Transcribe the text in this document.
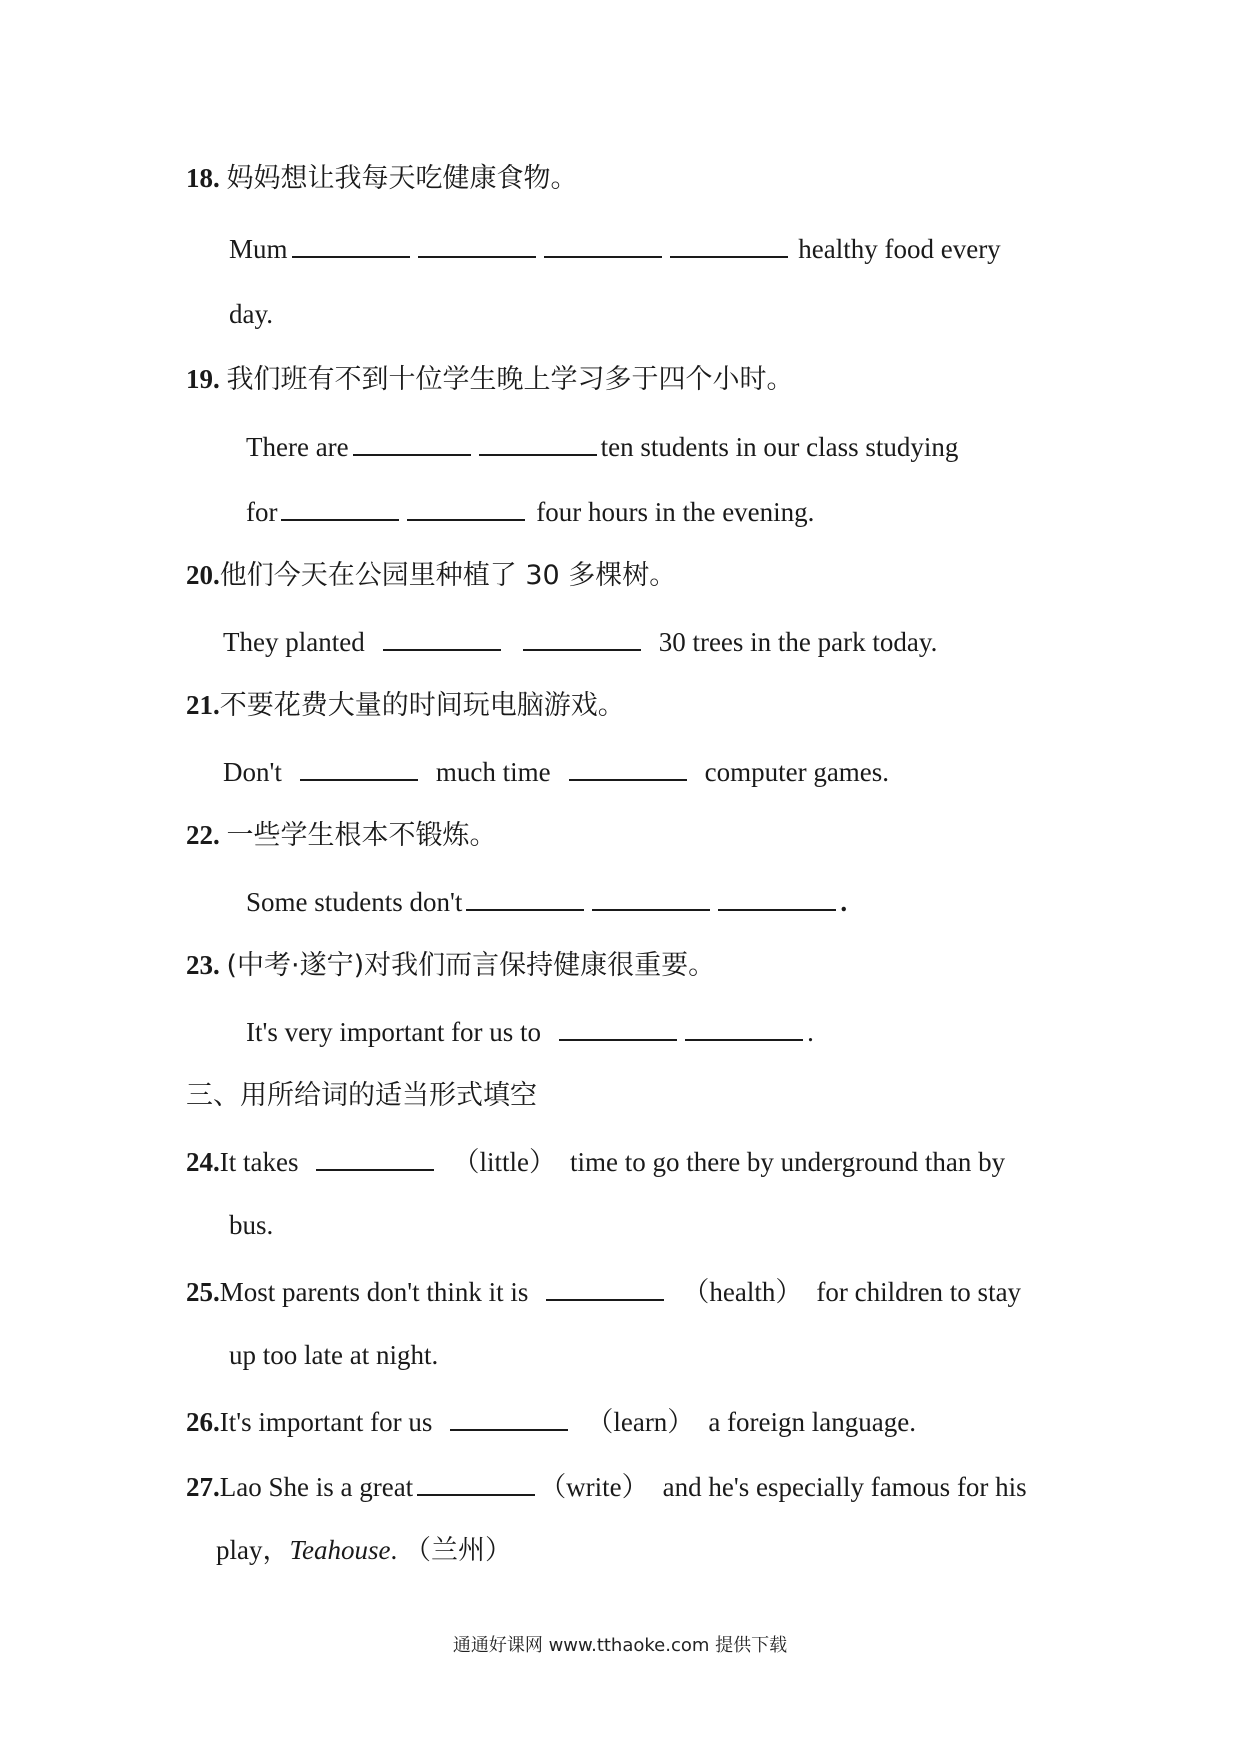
18. 妈妈想让我每天吃健康食物。
Mum	healthy food every
day.
19. 我们班有不到十位学生晚上学习多于四个小时。
There are	ten students in our class studying
for	four hours in the evening.
20.他们今天在公园里种植了 30 多棵树。
They planted	30 trees in the park today.
21.不要花费大量的时间玩电脑游戏。
Don't	much time	computer games.
22. 一些学生根本不锻炼。
Some students don't	.
23. (中考·遂宁)对我们而言保持健康很重要。
It's very important for us to	.
三、用所给词的适当形式填空
24.It takes	（little） time to go there by underground than by
bus.
25.Most parents don't think it is	（health） for children to stay
up too late at night.
26.It's important for us	（learn） a foreign language.
27.Lao She is a great	（write） and he's especially famous for his
play，Teahouse. （兰州）
通通好课网 www.tthaoke.com 提供下载
